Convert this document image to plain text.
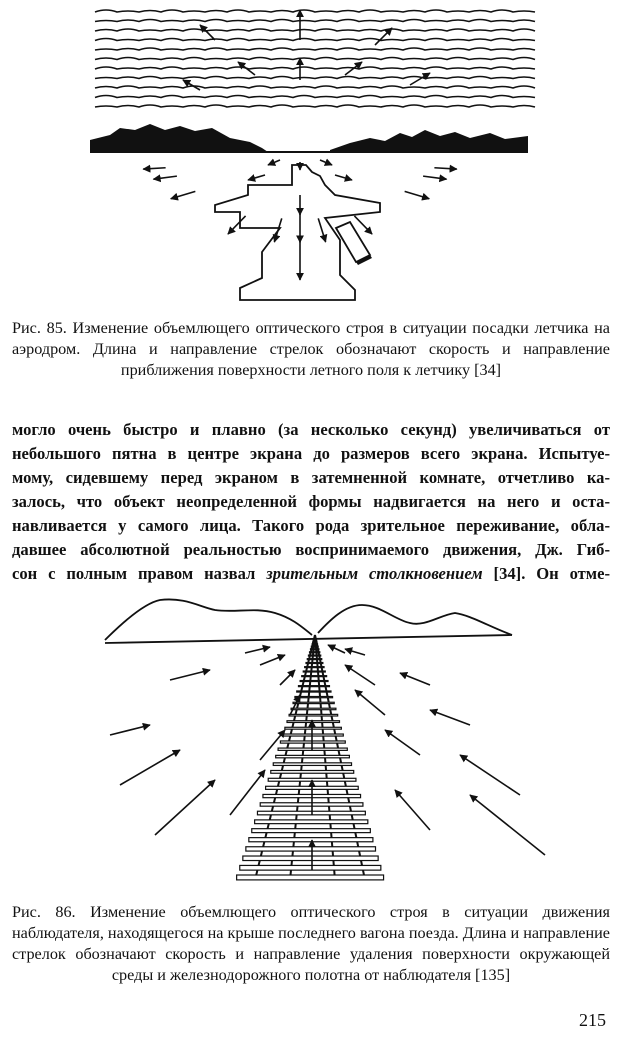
Рис. 85. Изменение объемлющего оптического строя в ситуации посадки летчика на аэродром. Длина и направление стрелок обозначают скорость и направление приближения поверхности летного поля к летчику [34]
могло очень быстро и плавно (за несколько секунд) увеличиваться от
небольшого пятна в центре экрана до размеров всего экрана. Испытуе-
мому, сидевшему перед экраном в затемненной комнате, отчетливо ка-
залось, что объект неопределенной формы надвигается на него и оста-
навливается у самого лица. Такого рода зрительное переживание, обла-
давшее абсолютной реальностью воспринимаемого движения, Дж. Гиб-
сон с полным правом назвал зрительным столкновением [34]. Он отме-
Рис. 86. Изменение объемлющего оптического строя в ситуации движения наблюдателя, находящегося на крыше последнего вагона поезда. Длина и направление стрелок обозначают скорость и направление удаления поверхности окружающей среды и железнодорожного полотна от наблюдателя [135]
215
